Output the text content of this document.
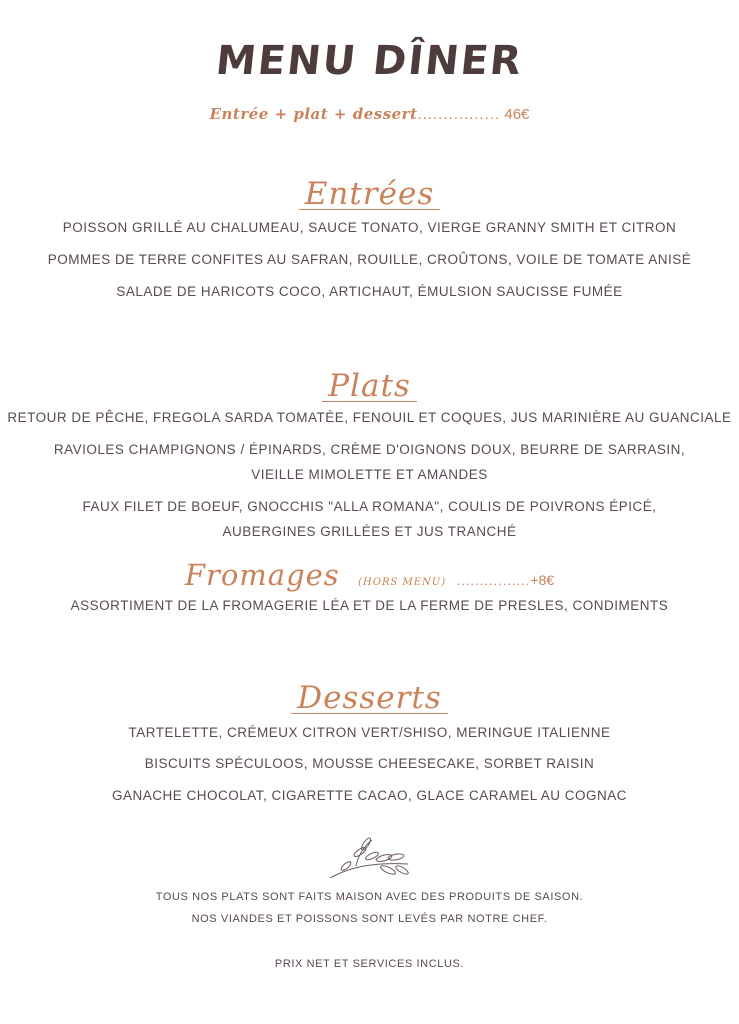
MENU DÎNER
Entrée + plat + dessert................ 46€
Entrées
POISSON GRILLÉ AU CHALUMEAU, SAUCE TONATO, VIERGE GRANNY SMITH ET CITRON
POMMES DE TERRE CONFITES AU SAFRAN, ROUILLE, CROÛTONS, VOILE DE TOMATE ANISÉ
SALADE DE HARICOTS COCO, ARTICHAUT, ÉMULSION SAUCISSE FUMÉE
Plats
RETOUR DE PÊCHE, FREGOLA SARDA TOMATÉE, FENOUIL ET COQUES, JUS MARINIÈRE AU GUANCIALE
RAVIOLES CHAMPIGNONS / ÉPINARDS, CRÈME D'OIGNONS DOUX, BEURRE DE SARRASIN,
VIEILLE MIMOLETTE ET AMANDES
FAUX FILET DE BOEUF, GNOCCHIS "ALLA ROMANA", COULIS DE POIVRONS ÉPICÉ,
AUBERGINES GRILLÉES ET JUS TRANCHÉ
Fromages (HORS MENU) ................+8€
ASSORTIMENT DE LA FROMAGERIE LÉA ET DE LA FERME DE PRESLES, CONDIMENTS
Desserts
TARTELETTE, CRÉMEUX CITRON VERT/SHISO, MERINGUE ITALIENNE
BISCUITS SPÉCULOOS, MOUSSE CHEESECAKE, SORBET RAISIN
GANACHE CHOCOLAT, CIGARETTE CACAO, GLACE CARAMEL AU COGNAC
TOUS NOS PLATS SONT FAITS MAISON AVEC DES PRODUITS DE SAISON.
NOS VIANDES ET POISSONS SONT LEVÉS PAR NOTRE CHEF.
PRIX NET ET SERVICES INCLUS.
